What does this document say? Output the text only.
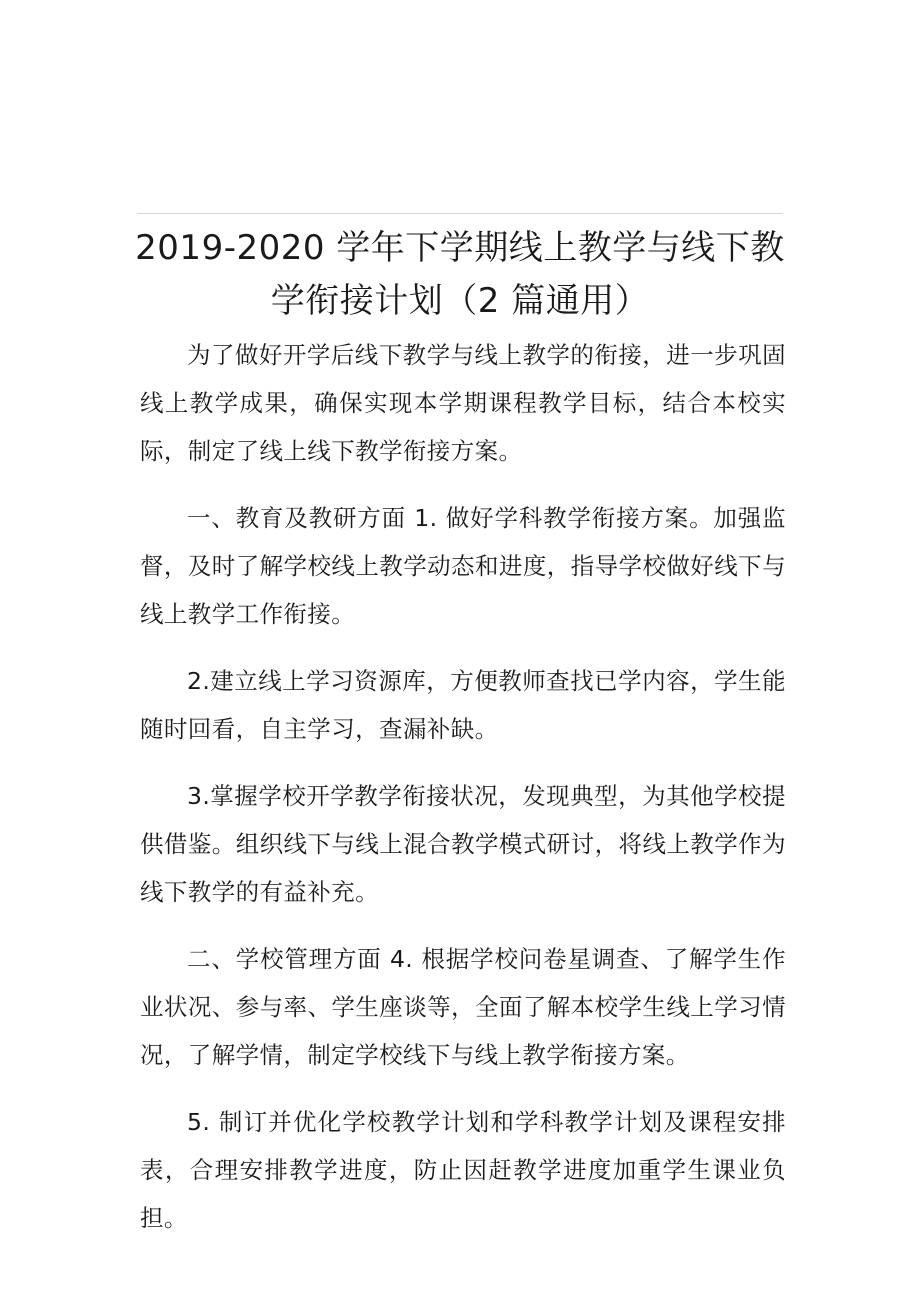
2019-2020 学年下学期线上教学与线下教
学衔接计划（2 篇通用）

为了做好开学后线下教学与线上教学的衔接，进一步巩固线上教学成果，确保实现本学期课程教学目标，结合本校实际，制定了线上线下教学衔接方案。

一、教育及教研方面 1. 做好学科教学衔接方案。加强监督，及时了解学校线上教学动态和进度，指导学校做好线下与线上教学工作衔接。

2.建立线上学习资源库，方便教师查找已学内容，学生能随时回看，自主学习，查漏补缺。

3.掌握学校开学教学衔接状况，发现典型，为其他学校提供借鉴。组织线下与线上混合教学模式研讨，将线上教学作为线下教学的有益补充。

二、学校管理方面 4. 根据学校问卷星调查、了解学生作业状况、参与率、学生座谈等，全面了解本校学生线上学习情况，了解学情，制定学校线下与线上教学衔接方案。

5. 制订并优化学校教学计划和学科教学计划及课程安排表，合理安排教学进度，防止因赶教学进度加重学生课业负担。
